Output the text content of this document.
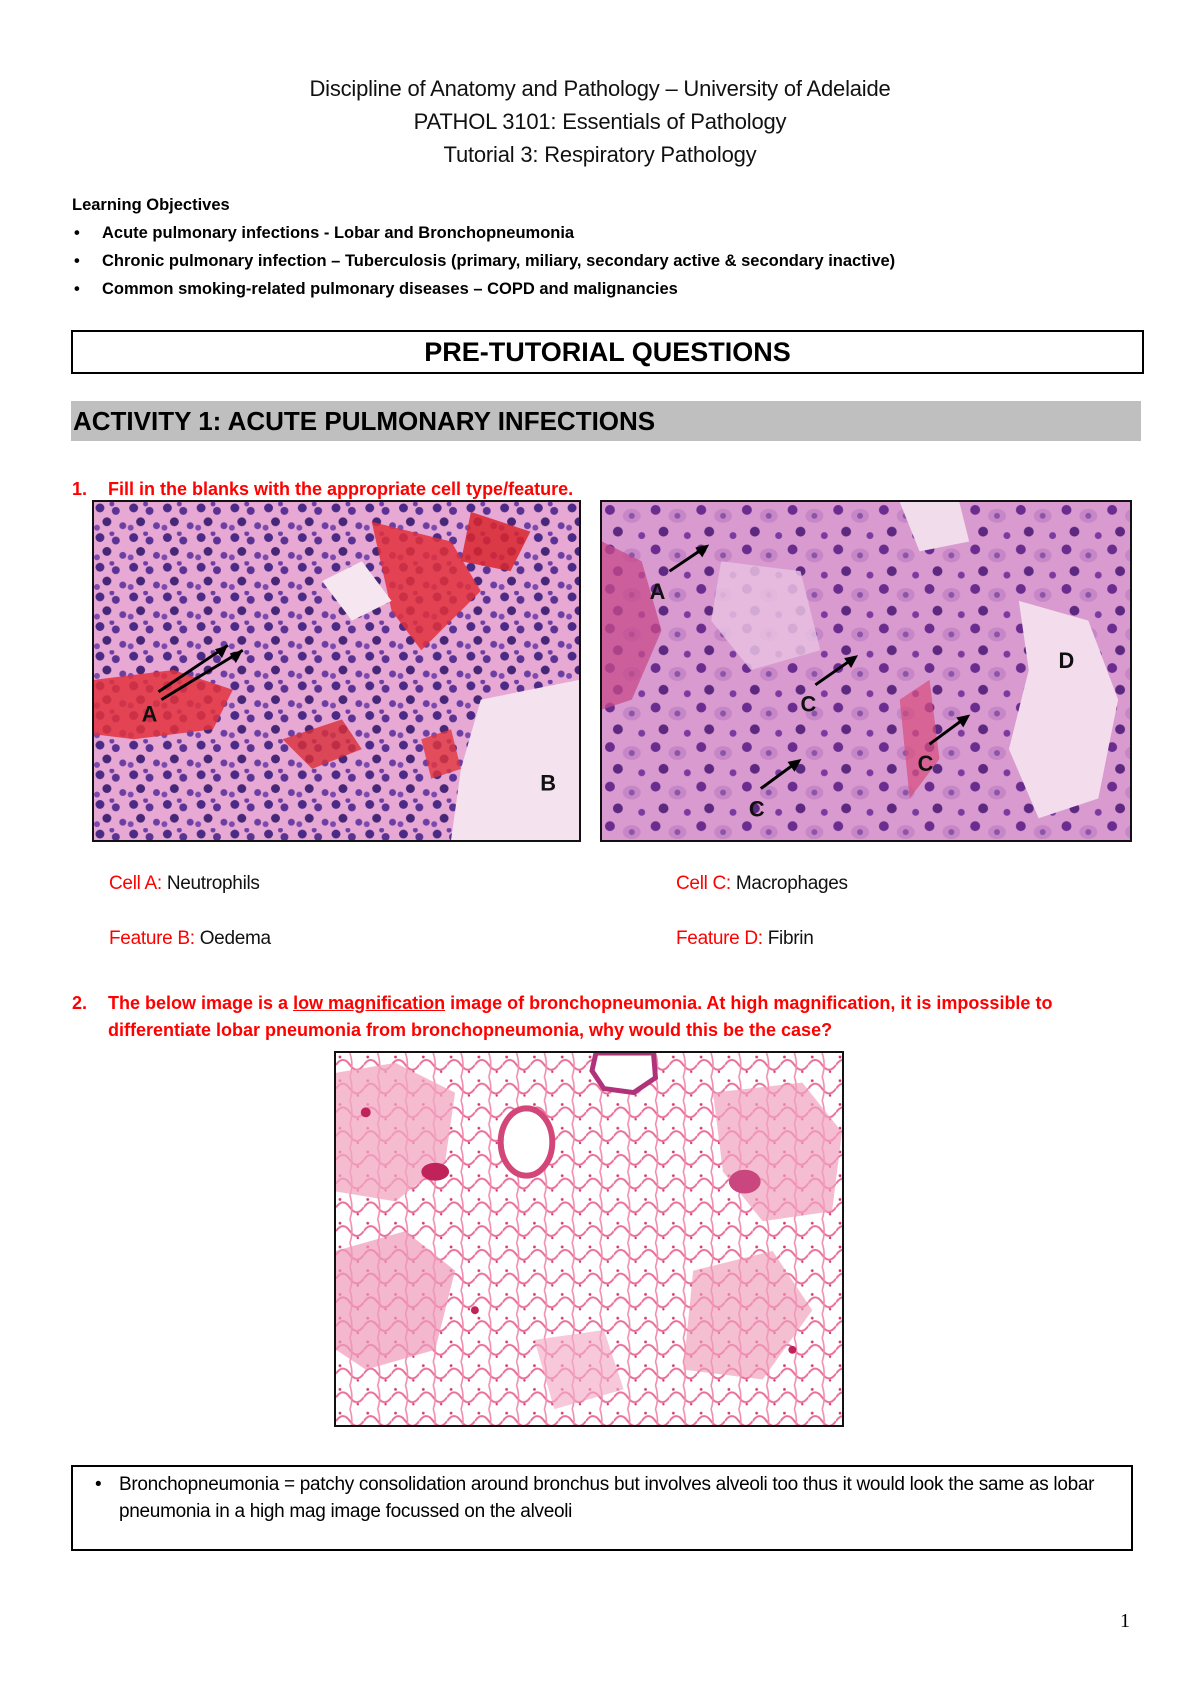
Discipline of Anatomy and Pathology – University of Adelaide
PATHOL 3101: Essentials of Pathology
Tutorial 3: Respiratory Pathology
Learning Objectives
• Acute pulmonary infections - Lobar and Bronchopneumonia
• Chronic pulmonary infection – Tuberculosis (primary, miliary, secondary active & secondary inactive)
• Common smoking-related pulmonary diseases – COPD and malignancies
PRE-TUTORIAL QUESTIONS
ACTIVITY 1: ACUTE PULMONARY INFECTIONS
1.	Fill in the blanks with the appropriate cell type/feature.
A
B
A
C
C
C
D
Cell A: Neutrophils
Feature B: Oedema
Cell C: Macrophages
Feature D: Fibrin
2.	The below image is a low magnification image of bronchopneumonia. At high magnification, it is impossible to differentiate lobar pneumonia from bronchopneumonia, why would this be the case?
• Bronchopneumonia = patchy consolidation around bronchus but involves alveoli too thus it would look the same as lobar pneumonia in a high mag image focussed on the alveoli
1
